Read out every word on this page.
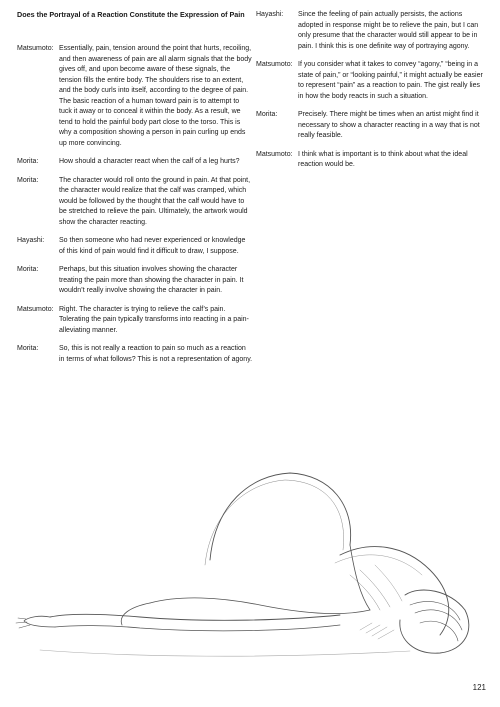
Does the Portrayal of a Reaction Constitute the Expression of Pain
Matsumoto: Essentially, pain, tension around the point that hurts, recoiling, and then awareness of pain are all alarm signals that the body gives off, and upon become aware of these signals, the tension fills the entire body. The shoulders rise to an extent, and the body curls into itself, according to the degree of pain. The basic reaction of a human toward pain is to attempt to tuck it away or to conceal it within the body. As a result, we tend to hold the painful body part close to the torso. This is why a composition showing a person in pain curling up ends up more convincing.

Morita:	How should a character react when the calf of a leg hurts?

Morita:	The character would roll onto the ground in pain. At that point, the character would realize that the calf was cramped, which would be followed by the thought that the calf would have to be stretched to relieve the pain. Ultimately, the artwork would show the character reacting.

Hayashi:	So then someone who had never experienced or knowledge of this kind of pain would find it difficult to draw, I suppose.

Morita:	Perhaps, but this situation involves showing the character treating the pain more than showing the character in pain. It wouldn’t really involve showing the character in pain.

Matsumoto: Right. The character is trying to relieve the calf’s pain. Tolerating the pain typically transforms into reacting in a pain-alleviating manner.

Morita:	So, this is not really a reaction to pain so much as a reaction in terms of what follows? This is not a representation of agony.

Hayashi:	Since the feeling of pain actually persists, the actions adopted in response might be to relieve the pain, but I can only presume that the character would still appear to be in pain. I think this is one definite way of portraying agony.

Matsumoto: If you consider what it takes to convey “agony,” “being in a state of pain,” or “looking painful,” it might actually be easier to represent “pain” as a reaction to pain. The gist really lies in how the body reacts in such a situation.

Morita:	Precisely. There might be times when an artist might find it necessary to show a character reacting in a way that is not really feasible.

Matsumoto: I think what is important is to think about what the ideal reaction would be.

121
